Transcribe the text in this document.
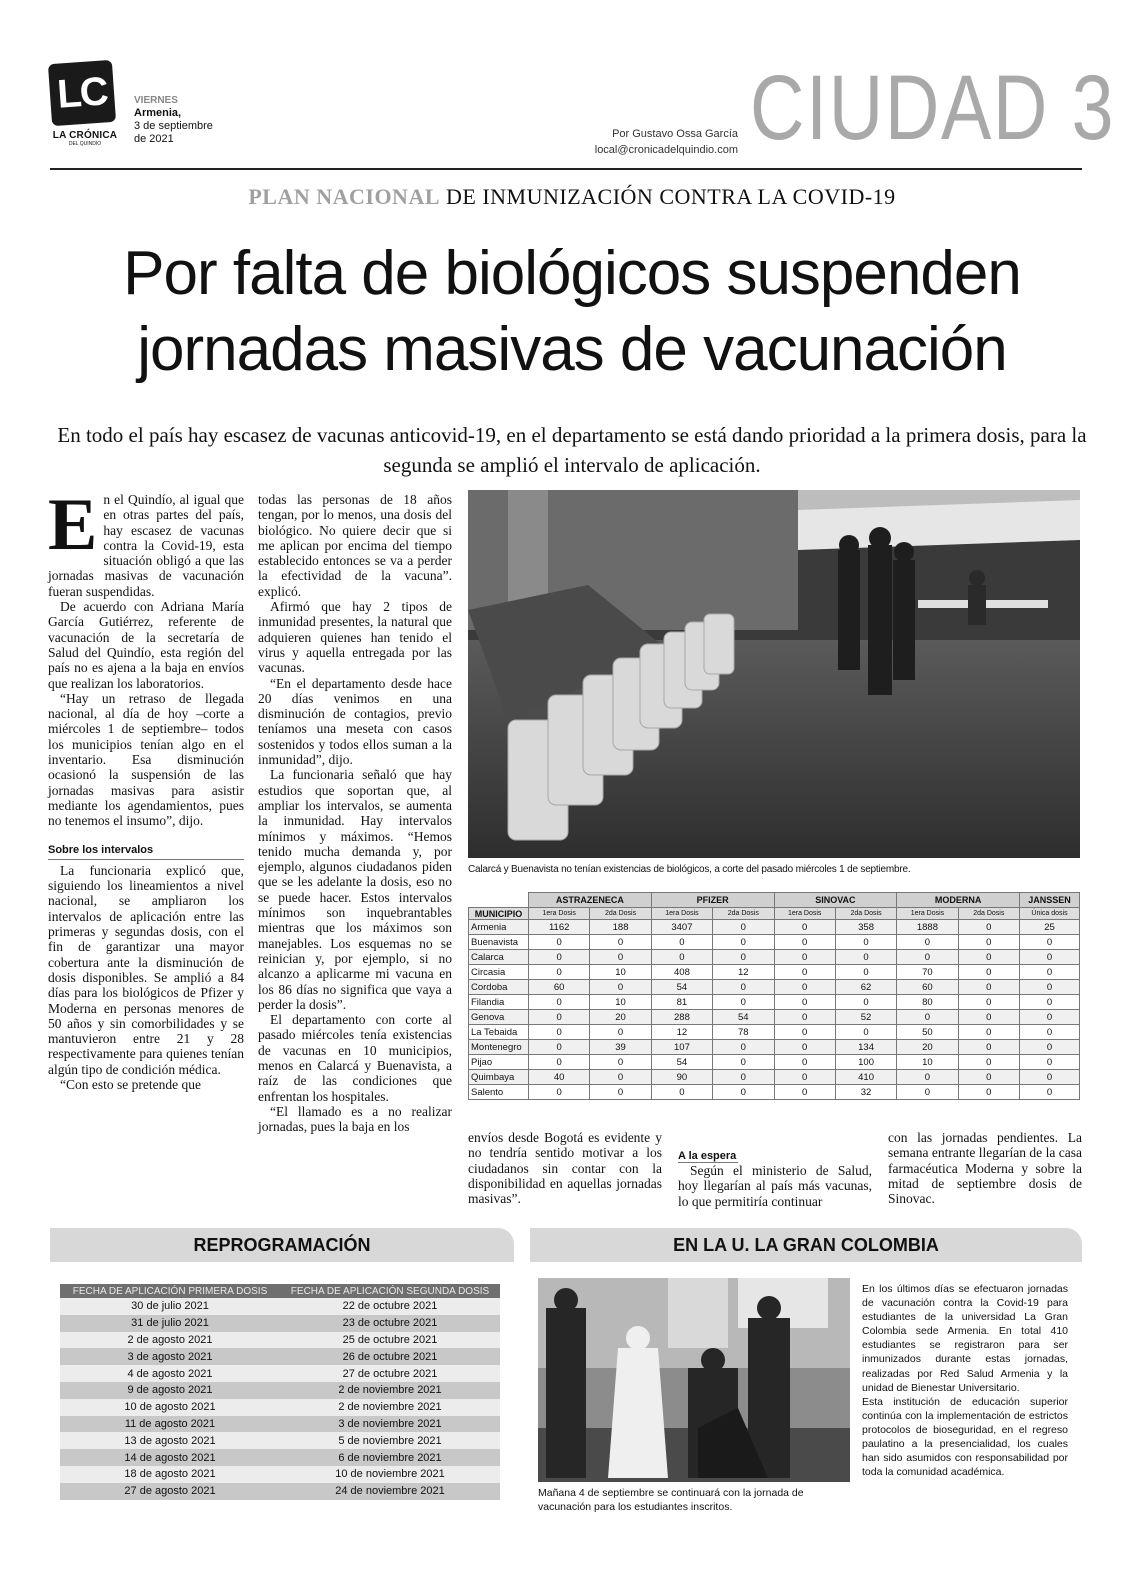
LC
LA CRÓNICA
DEL QUINDÍO
VIERNES
Armenia,
3 de septiembre
de 2021	Por Gustavo Ossa García
local@cronicadelquindio.com CIUDAD 3
PLAN NACIONAL DE INMUNIZACIÓN CONTRA LA COVID-19
Por falta de biológicos suspenden
jornadas masivas de vacunación
En todo el país hay escasez de vacunas anticovid-19, en el departamento se está dando prioridad a la primera dosis, para la segunda se amplió el intervalo de aplicación.
E n el Quindío, al igual que en otras partes del país, hay escasez de vacunas contra la Covid-19, esta situación obligó a que las jornadas masivas de vacunación fueran suspendidas.

De acuerdo con Adriana María García Gutiérrez, referente de vacunación de la secretaría de Salud del Quindío, esta región del país no es ajena a la baja en envíos que realizan los laboratorios.

“Hay un retraso de llegada nacional, al día de hoy –corte a miércoles 1 de septiembre– todos los municipios tenían algo en el inventario. Esa disminución ocasionó la suspensión de las jornadas masivas para asistir mediante los agendamientos, pues no tenemos el insumo”, dijo.

Sobre los intervalos

La funcionaria explicó que, siguiendo los lineamientos a nivel nacional, se ampliaron los intervalos de aplicación entre las primeras y segundas dosis, con el fin de garantizar una mayor cobertura ante la disminución de dosis disponibles. Se amplió a 84 días para los biológicos de Pfizer y Moderna en personas menores de 50 años y sin comorbilidades y se mantuvieron entre 21 y 28 respectivamente para quienes tenían algún tipo de condición médica.

“Con esto se pretende que

todas las personas de 18 años tengan, por lo menos, una dosis del biológico. No quiere decir que si me aplican por encima del tiempo establecido entonces se va a perder la efectividad de la vacuna”. explicó.

Afirmó que hay 2 tipos de inmunidad presentes, la natural que adquieren quienes han tenido el virus y aquella entregada por las vacunas.

“En el departamento desde hace 20 días venimos en una disminución de contagios, previo teníamos una meseta con casos sostenidos y todos ellos suman a la inmunidad”, dijo.

La funcionaria señaló que hay estudios que soportan que, al ampliar los intervalos, se aumenta la inmunidad. Hay intervalos mínimos y máximos. “Hemos tenido mucha demanda y, por ejemplo, algunos ciudadanos piden que se les adelante la dosis, eso no se puede hacer. Estos intervalos mínimos son inquebrantables mientras que los máximos son manejables. Los esquemas no se reinician y, por ejemplo, si no alcanzo a aplicarme mi vacuna en los 86 días no significa que vaya a perder la dosis”.

El departamento con corte al pasado miércoles tenía existencias de vacunas en 10 municipios, menos en Calarcá y Buenavista, a raíz de las condiciones que enfrentan los hospitales.

“El llamado es a no realizar jornadas, pues la baja en los

Calarcá y Buenavista no tenían existencias de biológicos, a corte del pasado miércoles 1 de septiembre.
	ASTRAZENECA		PFIZER		SINOVAC		MODERNA		JANSSEN
MUNICIPIO	1era Dosis	2da Dosis	1era Dosis	2da Dosis	1era Dosis	2da Dosis	1era Dosis	2da Dosis	Única dosis
Armenia	1162	188	3407	0	0	358	1888	0	25
Buenavista	0	0	0	0	0	0	0	0	0
Calarca	0	0	0	0	0	0	0	0	0
Circasia	0	10	408	12	0	0	70	0	0
Cordoba	60	0	54	0	0	62	60	0	0
Filandia	0	10	81	0	0	0	80	0	0
Genova	0	20	288	54	0	52	0	0	0
La Tebaida	0	0	12	78	0	0	50	0	0
Montenegro	0	39	107	0	0	134	20	0	0
Pijao	0	0	54	0	0	100	10	0	0
Quimbaya	40	0	90	0	0	410	0	0	0
Salento	0	0	0	0	0	32	0	0	0

envíos desde Bogotá es evidente y no tendría sentido motivar a los ciudadanos sin contar con la disponibilidad en aquellas jornadas masivas”.

A la espera

Según el ministerio de Salud, hoy llegarían al país más vacunas, lo que permitiría continuar

con las jornadas pendientes. La semana entrante llegarían de la casa farmacéutica Moderna y sobre la mitad de septiembre dosis de Sinovac.

REPROGRAMACIÓN
FECHA DE APLICACIÓN PRIMERA DOSIS	FECHA DE APLICACIÓN SEGUNDA DOSIS
30 de julio 2021	22 de octubre 2021
31 de julio 2021	23 de octubre 2021
2 de agosto 2021	25 de octubre 2021
3 de agosto 2021	26 de octubre 2021
4 de agosto 2021	27 de octubre 2021
9 de agosto 2021	2 de noviembre 2021
10 de agosto 2021	2 de noviembre 2021
11 de agosto 2021	3 de noviembre 2021
13 de agosto 2021	5 de noviembre 2021
14 de agosto 2021	6 de noviembre 2021
18 de agosto 2021	10 de noviembre 2021
27 de agosto 2021	24 de noviembre 2021
EN LA U. LA GRAN COLOMBIA
Mañana 4 de septiembre se continuará con la jornada de vacunación para los estudiantes inscritos.

En los últimos días se efectuaron jornadas de vacunación contra la Covid-19 para estudiantes de la universidad La Gran Colombia sede Armenia. En total 410 estudiantes se registraron para ser inmunizados durante estas jornadas, realizadas por Red Salud Armenia y la unidad de Bienestar Universitario.

Esta institución de educación superior continúa con la implementación de estrictos protocolos de bioseguridad, en el regreso paulatino a la presencialidad, los cuales han sido asumidos con responsabilidad por toda la comunidad académica.
